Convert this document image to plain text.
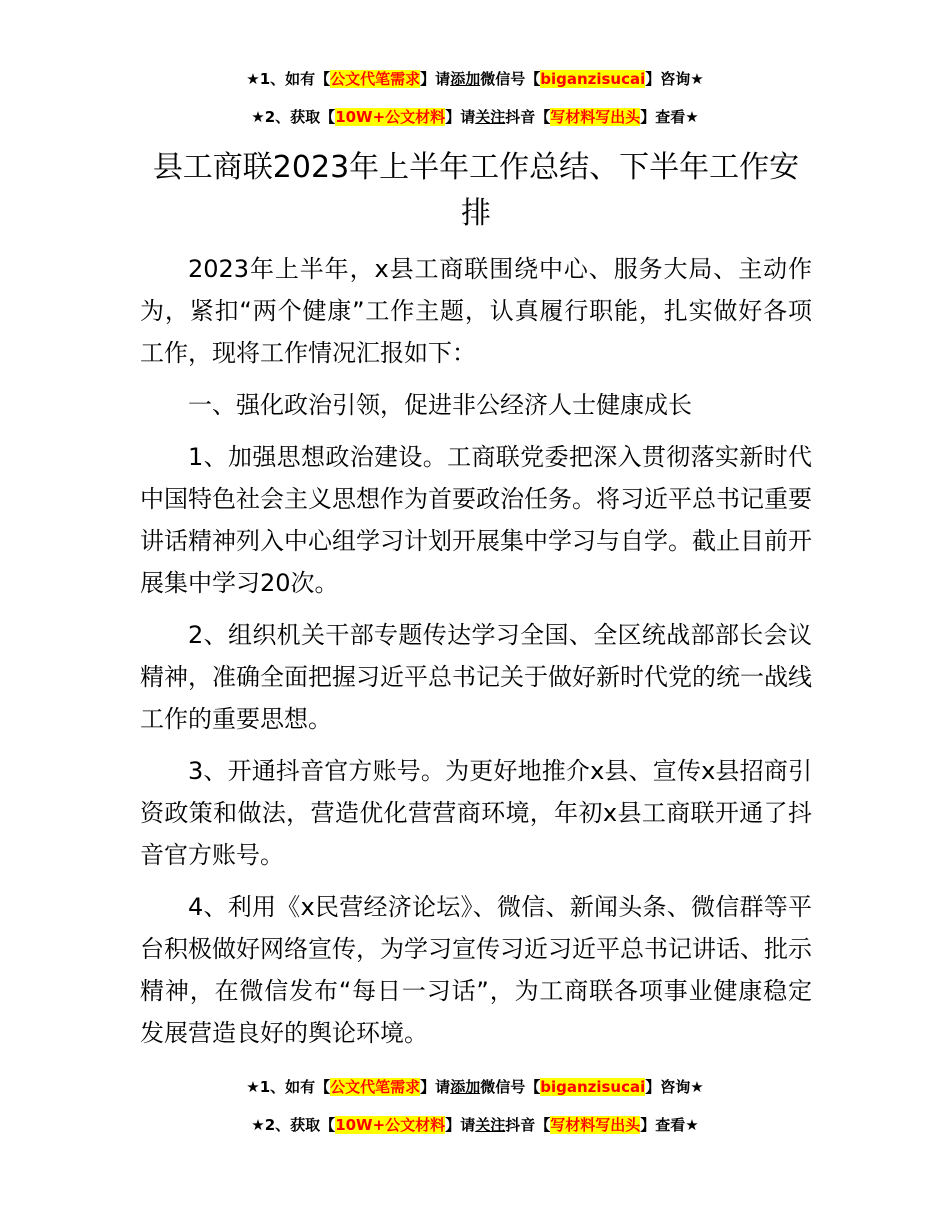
★1、如有【公文代笔需求】请添加微信号【biganzisucai】咨询★
★2、获取【10W+公文材料】请关注抖音【写材料写出头】查看★
县工商联2023年上半年工作总结、下半年工作安排

2023年上半年，x县工商联围绕中心、服务大局、主动作为，紧扣“两个健康”工作主题，认真履行职能，扎实做好各项工作，现将工作情况汇报如下：

一、强化政治引领，促进非公经济人士健康成长

1、加强思想政治建设。工商联党委把深入贯彻落实新时代中国特色社会主义思想作为首要政治任务。将习近平总书记重要讲话精神列入中心组学习计划开展集中学习与自学。截止目前开展集中学习20次。

2、组织机关干部专题传达学习全国、全区统战部部长会议精神，准确全面把握习近平总书记关于做好新时代党的统一战线工作的重要思想。

3、开通抖音官方账号。为更好地推介x县、宣传x县招商引资政策和做法，营造优化营营商环境，年初x县工商联开通了抖音官方账号。

4、利用《x民营经济论坛》、微信、新闻头条、微信群等平台积极做好网络宣传，为学习宣传习近习近平总书记讲话、批示精神，在微信发布“每日一习话”，为工商联各项事业健康稳定发展营造良好的舆论环境。

★1、如有【公文代笔需求】请添加微信号【biganzisucai】咨询★
★2、获取【10W+公文材料】请关注抖音【写材料写出头】查看★
